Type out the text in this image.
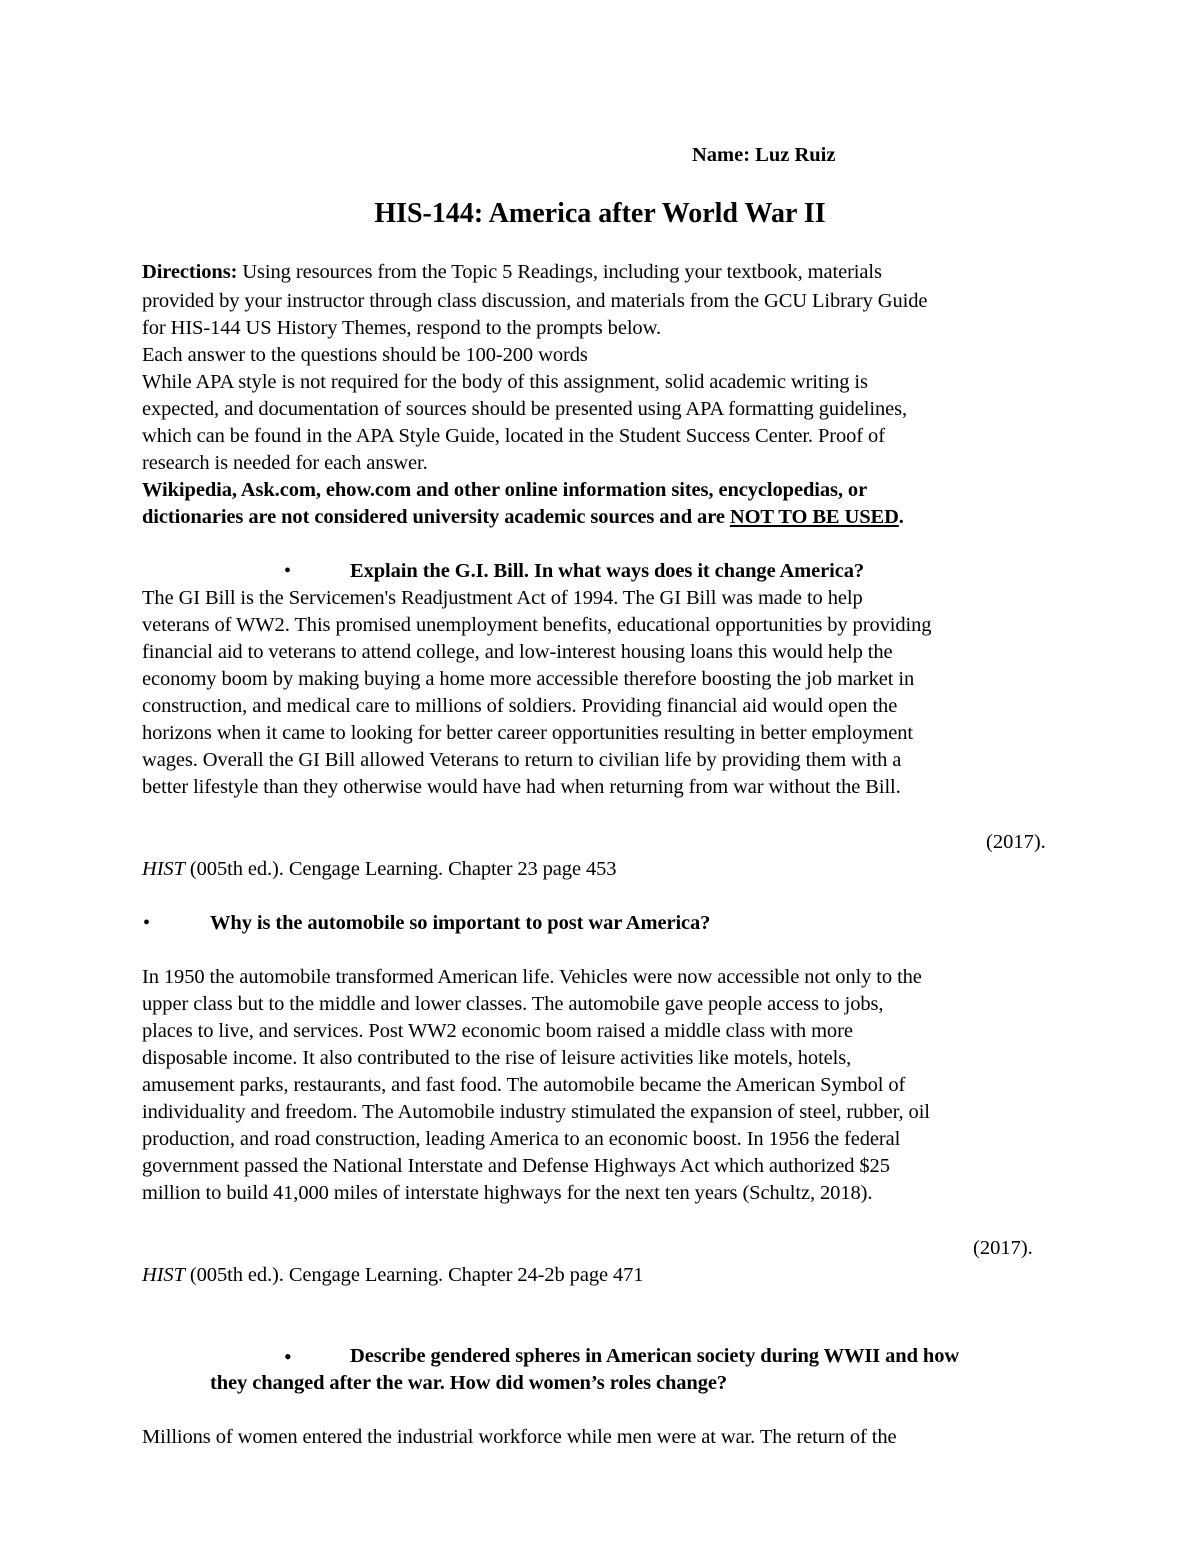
Name: Luz Ruiz
HIS-144: America after World War II
Directions: Using resources from the Topic 5 Readings, including your textbook, materials
provided by your instructor through class discussion, and materials from the GCU Library Guide
for HIS-144 US History Themes, respond to the prompts below.
Each answer to the questions should be 100-200 words
While APA style is not required for the body of this assignment, solid academic writing is
expected, and documentation of sources should be presented using APA formatting guidelines,
which can be found in the APA Style Guide, located in the Student Success Center. Proof of
research is needed for each answer.
Wikipedia, Ask.com, ehow.com and other online information sites, encyclopedias, or
dictionaries are not considered university academic sources and are NOT TO BE USED.
•	Explain the G.I. Bill. In what ways does it change America?
The GI Bill is the Servicemen's Readjustment Act of 1994. The GI Bill was made to help
veterans of WW2. This promised unemployment benefits, educational opportunities by providing
financial aid to veterans to attend college, and low-interest housing loans this would help the
economy boom by making buying a home more accessible therefore boosting the job market in
construction, and medical care to millions of soldiers. Providing financial aid would open the
horizons when it came to looking for better career opportunities resulting in better employment
wages. Overall the GI Bill allowed Veterans to return to civilian life by providing them with a
better lifestyle than they otherwise would have had when returning from war without the Bill.
(2017).
HIST (005th ed.). Cengage Learning. Chapter 23 page 453
•	Why is the automobile so important to post war America?
In 1950 the automobile transformed American life. Vehicles were now accessible not only to the
upper class but to the middle and lower classes. The automobile gave people access to jobs,
places to live, and services. Post WW2 economic boom raised a middle class with more
disposable income. It also contributed to the rise of leisure activities like motels, hotels,
amusement parks, restaurants, and fast food. The automobile became the American Symbol of
individuality and freedom. The Automobile industry stimulated the expansion of steel, rubber, oil
production, and road construction, leading America to an economic boost. In 1956 the federal
government passed the National Interstate and Defense Highways Act which authorized $25
million to build 41,000 miles of interstate highways for the next ten years (Schultz, 2018).
(2017).
HIST (005th ed.). Cengage Learning. Chapter 24-2b page 471
•	Describe gendered spheres in American society during WWII and how
they changed after the war. How did women’s roles change?
Millions of women entered the industrial workforce while men were at war. The return of the
